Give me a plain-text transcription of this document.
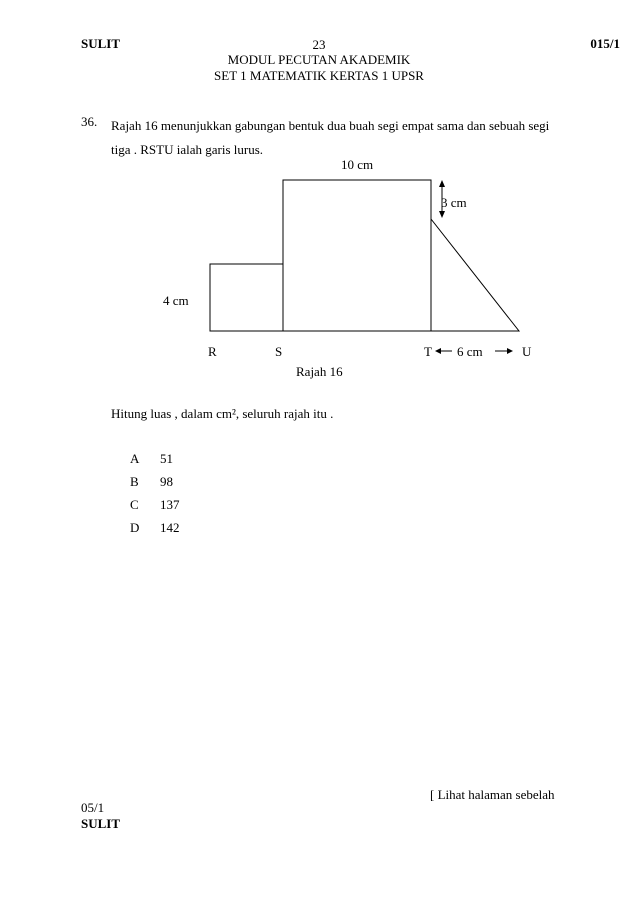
SULIT	23	015/1
MODUL PECUTAN AKADEMIK
SET 1 MATEMATIK KERTAS 1 UPSR
36. Rajah 16 menunjukkan gabungan bentuk dua buah segi empat sama dan sebuah segi tiga . RSTU ialah garis lurus.
10 cm
3 cm
4 cm
6 cm
R	S	T	U
Rajah 16
Hitung luas , dalam cm², seluruh rajah itu .
A 51
B 98
C 137
D 142
[ Lihat halaman sebelah
05/1
SULIT
